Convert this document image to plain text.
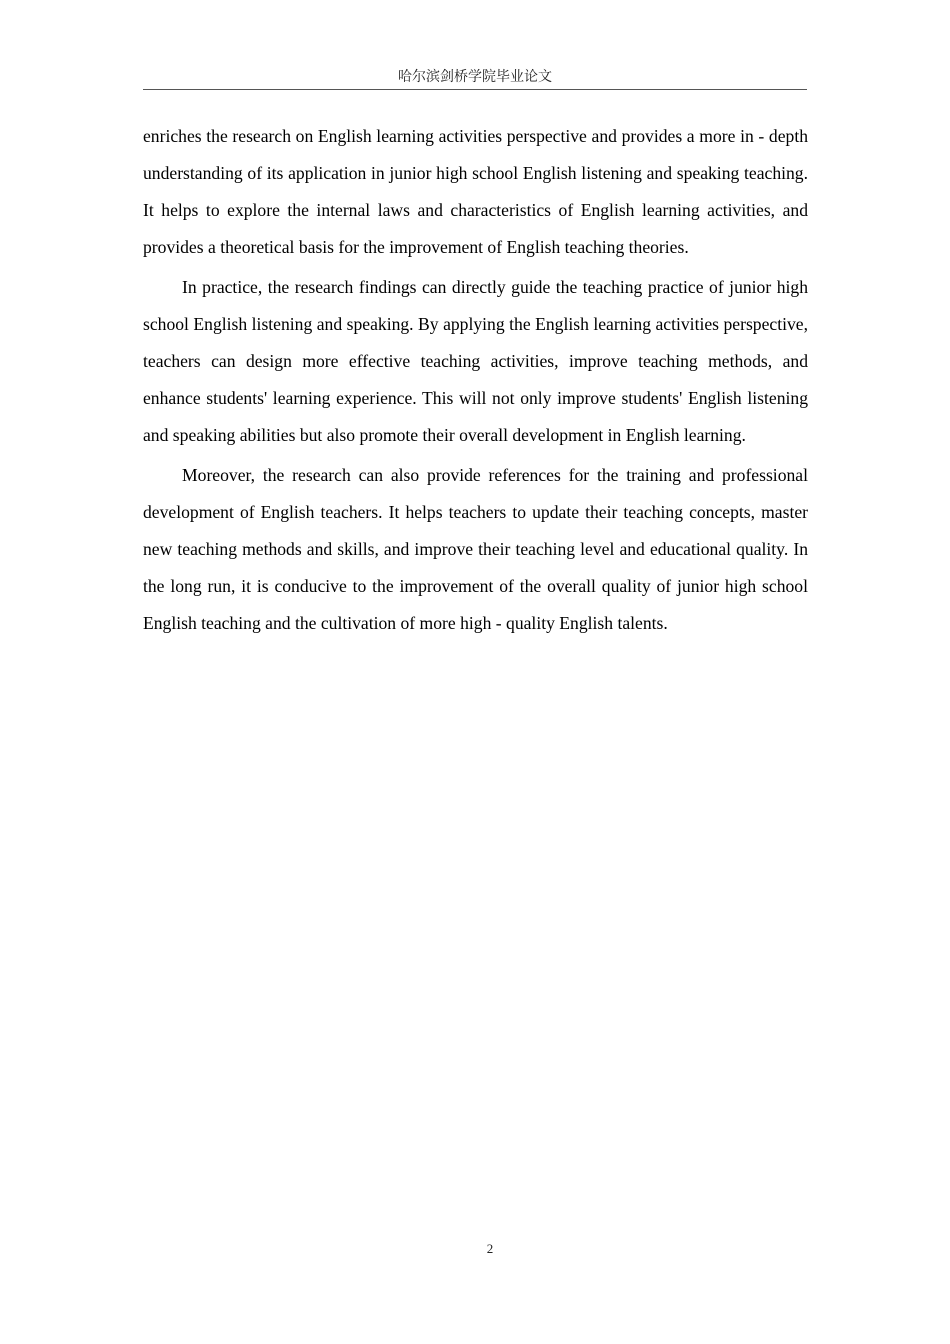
哈尔滨剑桥学院毕业论文

enriches the research on English learning activities perspective and provides a more in - depth understanding of its application in junior high school English listening and speaking teaching. It helps to explore the internal laws and characteristics of English learning activities, and provides a theoretical basis for the improvement of English teaching theories.

In practice, the research findings can directly guide the teaching practice of junior high school English listening and speaking. By applying the English learning activities perspective, teachers can design more effective teaching activities, improve teaching methods, and enhance students' learning experience. This will not only improve students' English listening and speaking abilities but also promote their overall development in English learning.

Moreover, the research can also provide references for the training and professional development of English teachers. It helps teachers to update their teaching concepts, master new teaching methods and skills, and improve their teaching level and educational quality. In the long run, it is conducive to the improvement of the overall quality of junior high school English teaching and the cultivation of more high - quality English talents.

2
